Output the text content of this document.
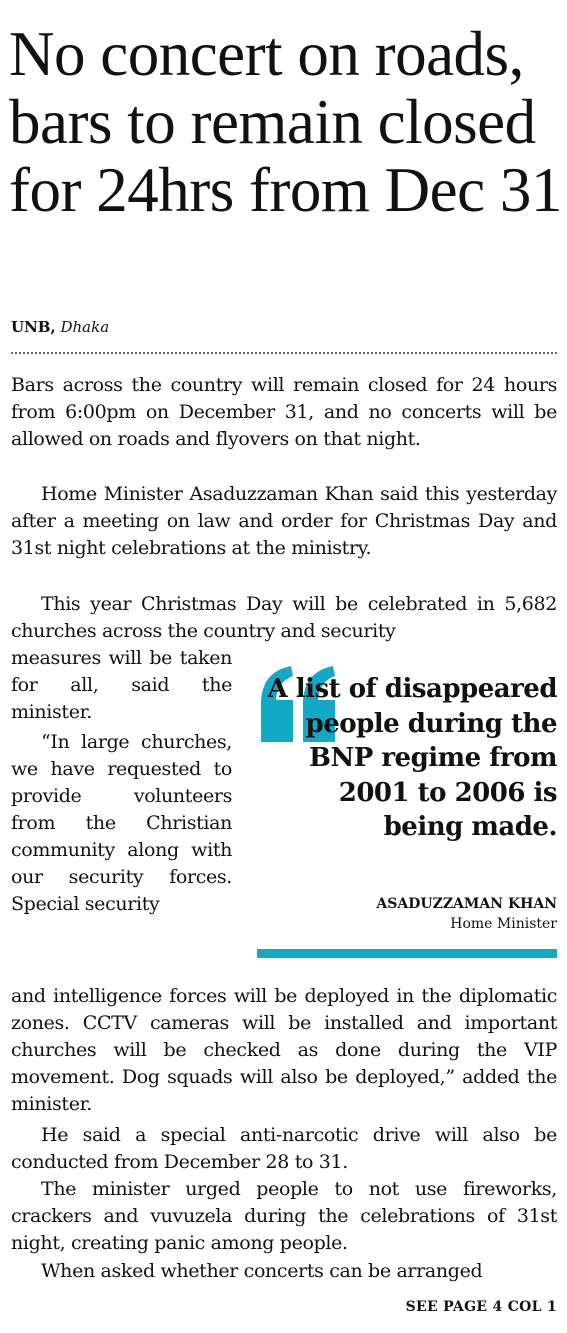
No concert on roads, bars to remain closed for 24hrs from Dec 31
UNB, Dhaka

Bars across the country will remain closed for 24 hours from 6:00pm on December 31, and no concerts will be allowed on roads and flyovers on that night.

Home Minister Asaduzzaman Khan said this yesterday after a meeting on law and order for Christmas Day and 31st night celebrations at the ministry.

This year Christmas Day will be celebrated in 5,682 churches across the country and security

measures will be taken for all, said the minister.

“In large churches, we have requested to provide volunteers from the Christian community along with our security forces. Special security

A list of disappeared people during the BNP regime from 2001 to 2006 is being made.
ASADUZZAMAN KHAN
Home Minister

and intelligence forces will be deployed in the diplomatic zones. CCTV cameras will be installed and important churches will be checked as done during the VIP movement. Dog squads will also be deployed,” added the minister.

He said a special anti-narcotic drive will also be conducted from December 28 to 31.

The minister urged people to not use fireworks, crackers and vuvuzela during the celebrations of 31st night, creating panic among people.

When asked whether concerts can be arranged

SEE PAGE 4 COL 1
